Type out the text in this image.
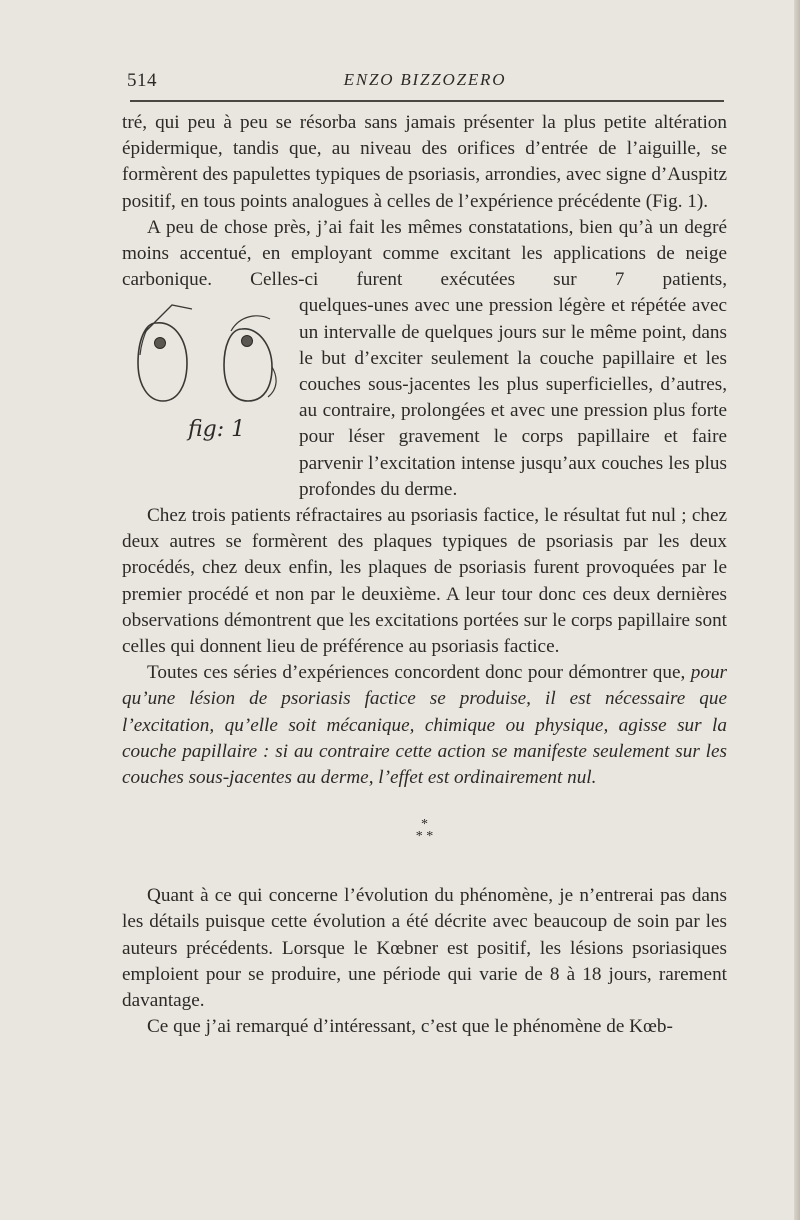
514	ENZO BIZZOZERO

tré, qui peu à peu se résorba sans jamais présenter la plus petite altération épidermique, tandis que, au niveau des orifices d’entrée de l’aiguille, se formèrent des papulettes typiques de psoriasis, arrondies, avec signe d’Auspitz positif, en tous points analogues à celles de l’expérience précédente (Fig. 1).

A peu de chose près, j’ai fait les mêmes constatations, bien qu’à un degré moins accentué, en employant comme excitant les applications de neige carbonique. Celles-ci furent exécutées sur 7 patients,

fig: 1

quelques-unes avec une pression légère et répétée avec un intervalle de quelques jours sur le même point, dans le but d’exciter seulement la couche papillaire et les couches sous-jacentes les plus superficielles, d’autres, au contraire, prolongées et avec une pression plus forte pour léser gravement le corps papillaire et faire parvenir l’excitation intense jusqu’aux couches les plus profondes du derme.

Chez trois patients réfractaires au psoriasis factice, le résultat fut nul ; chez deux autres se formèrent des plaques typiques de psoriasis par les deux procédés, chez deux enfin, les plaques de psoriasis furent provoquées par le premier procédé et non par le deuxième. A leur tour donc ces deux dernières observations démontrent que les excitations portées sur le corps papillaire sont celles qui donnent lieu de préférence au psoriasis factice.

Toutes ces séries d’expériences concordent donc pour démontrer que, pour qu’une lésion de psoriasis factice se produise, il est nécessaire que l’excitation, qu’elle soit mécanique, chimique ou physique, agisse sur la couche papillaire : si au contraire cette action se manifeste seulement sur les couches sous-jacentes au derme, l’effet est ordinairement nul.

*
* *

Quant à ce qui concerne l’évolution du phénomène, je n’entrerai pas dans les détails puisque cette évolution a été décrite avec beaucoup de soin par les auteurs précédents. Lorsque le Kœbner est positif, les lésions psoriasiques emploient pour se produire, une période qui varie de 8 à 18 jours, rarement davantage.

Ce que j’ai remarqué d’intéressant, c’est que le phénomène de Kœb-
